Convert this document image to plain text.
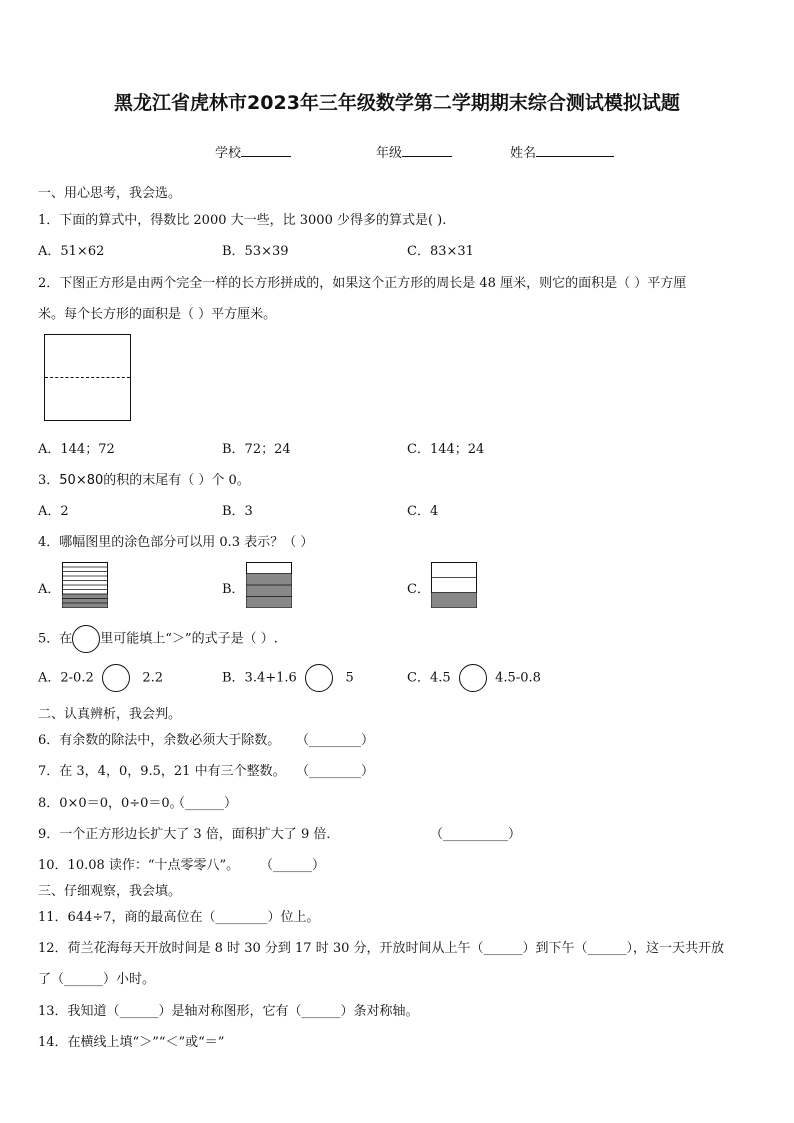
黑龙江省虎林市2023年三年级数学第二学期期末综合测试模拟试题
学校	年级	姓名
一、用心思考，我会选。
1．下面的算式中，得数比 2000 大一些，比 3000 少得多的算式是( ).
A．51×62	B．53×39	C．83×31
2．下图正方形是由两个完全一样的长方形拼成的，如果这个正方形的周长是 48 厘米，则它的面积是（ ）平方厘
米。每个长方形的面积是（ ）平方厘米。
A．144；72	B．72；24	C．144；24
3．50×80的积的末尾有（ ）个 0。
A．2	B．3	C．4
4．哪幅图里的涂色部分可以用 0.3 表示？（ ）
A．	B．	C．
5．在 里可能填上“＞”的式子是（ ）.
A．2-0.2	2.2	B．3.4+1.6	5	C．4.5	4.5-0.8
二、认真辨析，我会判。
6．有余数的除法中，余数必须大于除数。 （________）
7．在 3，4，0，9.5，21 中有三个整数。 （________）
8．0×0＝0，0÷0＝0。
（______）
9．一个正方形边长扩大了 3 倍，面积扩大了 9 倍．	（__________）
10．10.08 读作：“十点零零八”。 （______）
三、仔细观察，我会填。
11．644÷7，商的最高位在（________）位上。
12．荷兰花海每天开放时间是 8 时 30 分到 17 时 30 分，开放时间从上午（______）到下午（______），这一天共开放
了（______）小时。
13．我知道（______）是轴对称图形，它有（______）条对称轴。
14．在横线上填“＞”“＜”或“＝”
